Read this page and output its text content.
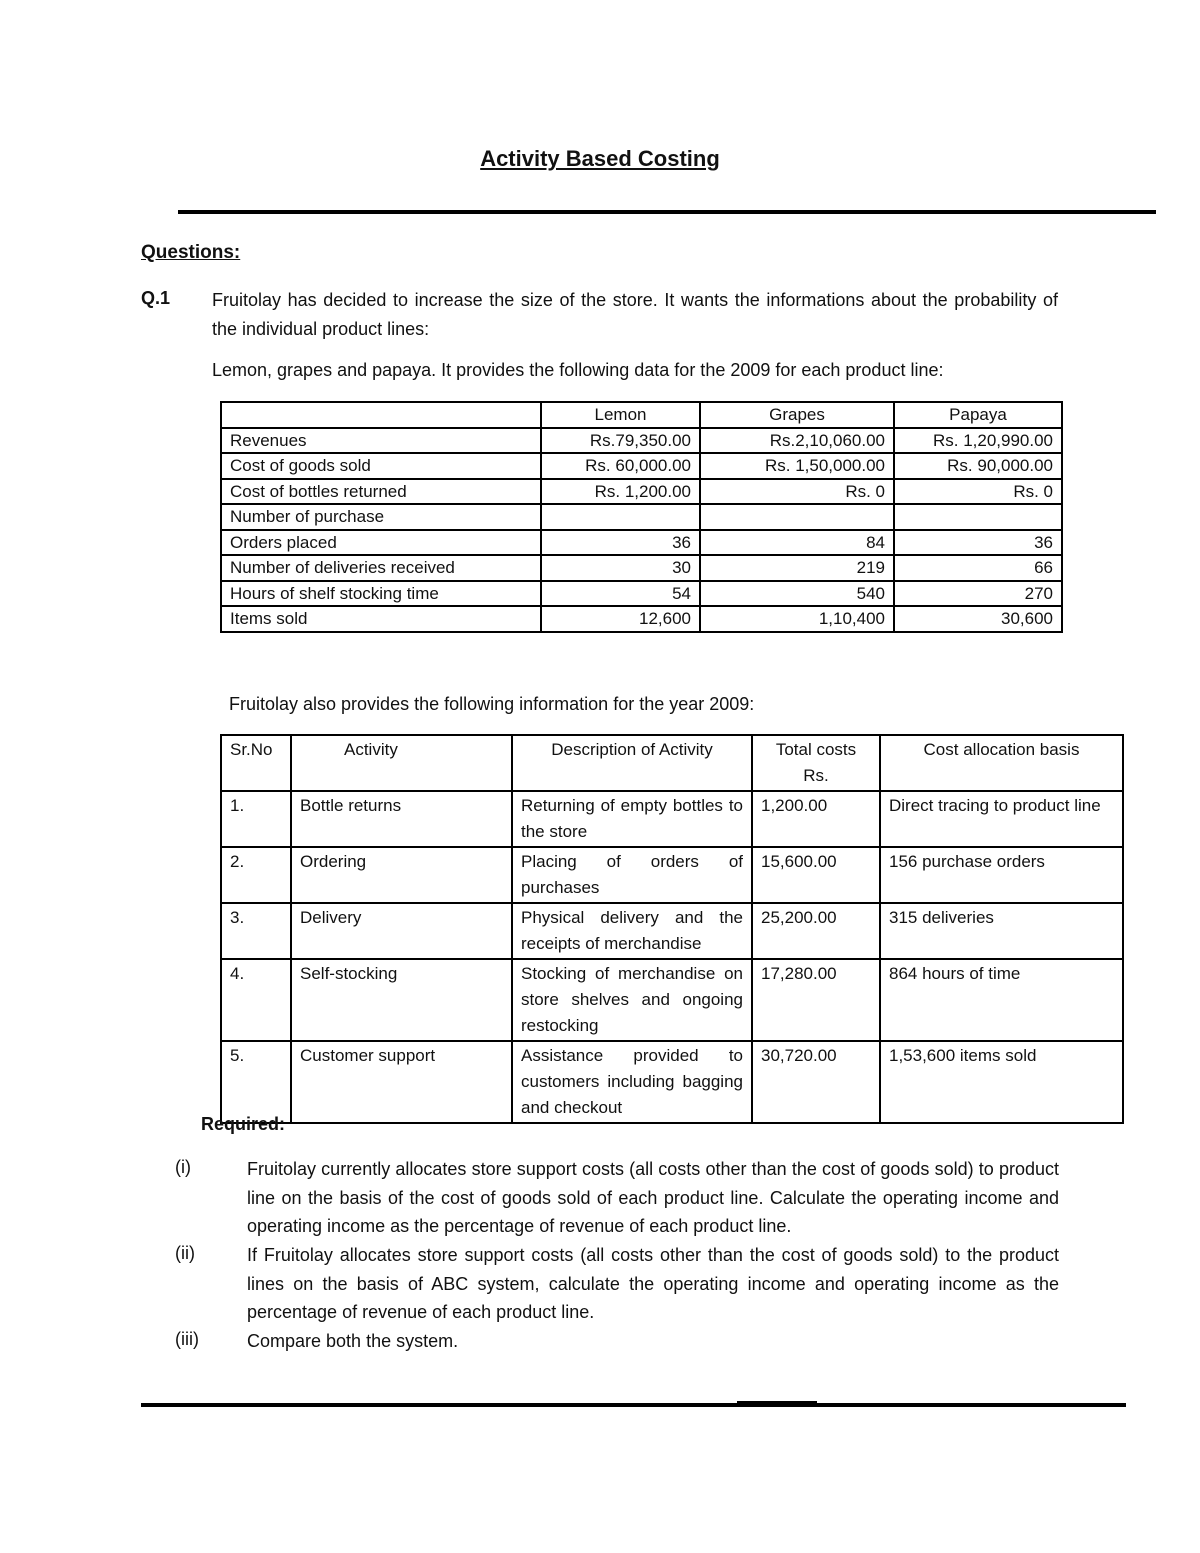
Activity Based Costing
Questions:
Q.1 Fruitolay has decided to increase the size of the store. It wants the informations about the probability of the individual product lines:
Lemon, grapes and papaya. It provides the following data for the 2009 for each product line:
	Lemon	Grapes	Papaya
Revenues	Rs.79,350.00	Rs.2,10,060.00	Rs. 1,20,990.00
Cost of goods sold	Rs. 60,000.00	Rs. 1,50,000.00	Rs. 90,000.00
Cost of bottles returned	Rs. 1,200.00	Rs. 0	Rs. 0
Number of purchase			
Orders placed	36	84	36
Number of deliveries received	30	219	66
Hours of shelf stocking time	54	540	270
Items sold	12,600	1,10,400	30,600
Fruitolay also provides the following information for the year 2009:
Sr.No	Activity	Description of Activity	Total costs Rs.	Cost allocation basis
1.	Bottle returns	Returning of empty bottles to the store	1,200.00	Direct tracing to product line
2.	Ordering	Placing of orders of purchases	15,600.00	156 purchase orders
3.	Delivery	Physical delivery and the receipts of merchandise	25,200.00	315 deliveries
4.	Self-stocking	Stocking of merchandise on store shelves and ongoing restocking	17,280.00	864 hours of time
5.	Customer support	Assistance provided to customers including bagging and checkout	30,720.00	1,53,600 items sold
Required:
(i)	Fruitolay currently allocates store support costs (all costs other than the cost of goods sold) to product line on the basis of the cost of goods sold of each product line. Calculate the operating income and operating income as the percentage of revenue of each product line.
(ii)	If Fruitolay allocates store support costs (all costs other than the cost of goods sold) to the product lines on the basis of ABC system, calculate the operating income and operating income as the percentage of revenue of each product line.
(iii)	Compare both the system.
